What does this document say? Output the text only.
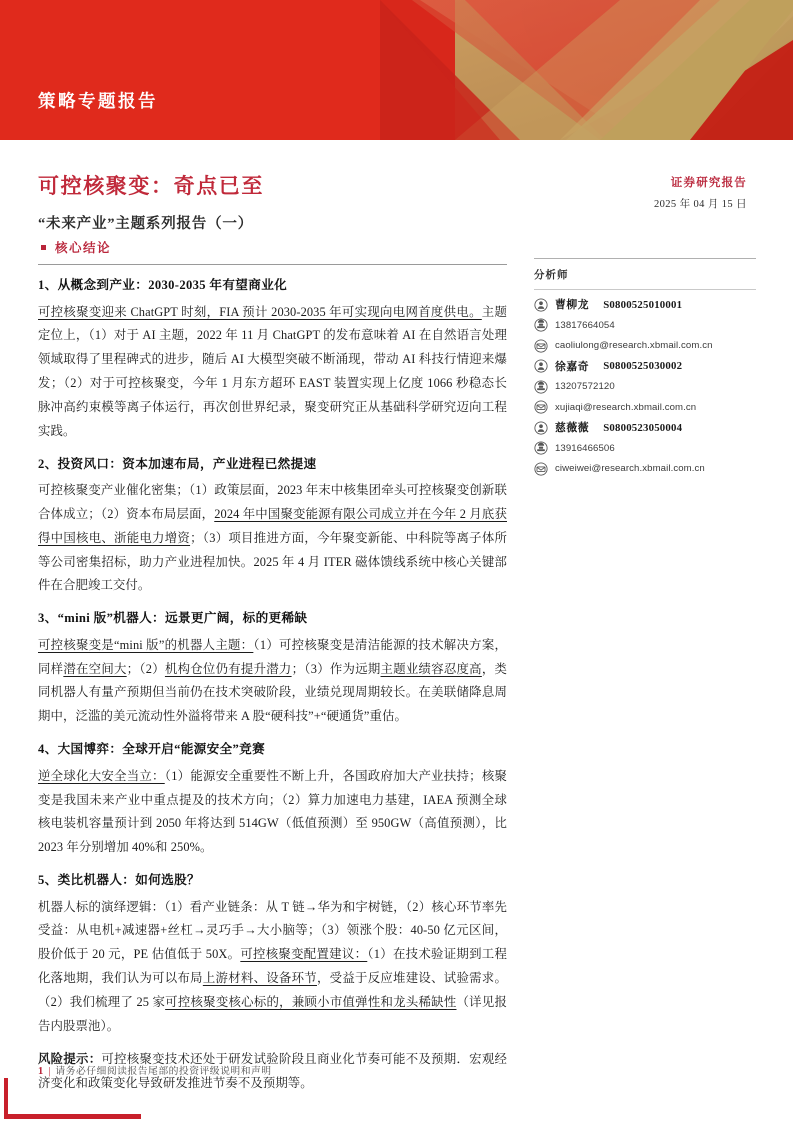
策略专题报告
可控核聚变：奇点已至
“未来产业”主题系列报告（一）
证券研究报告
2025 年 04 月 15 日
核心结论
1、从概念到产业：2030-2035 年有望商业化

可控核聚变迎来 ChatGPT 时刻，FIA 预计 2030-2035 年可实现向电网首度供电。主题定位上，（1）对于 AI 主题，2022 年 11 月 ChatGPT 的发布意味着 AI 在自然语言处理领域取得了里程碑式的进步，随后 AI 大模型突破不断涌现，带动 AI 科技行情迎来爆发；（2）对于可控核聚变，今年 1 月东方超环 EAST 装置实现上亿度 1066 秒稳态长脉冲高约束模等离子体运行，再次创世界纪录，聚变研究正从基础科学研究迈向工程实践。

2、投资风口：资本加速布局，产业进程已然提速

可控核聚变产业催化密集；（1）政策层面，2023 年末中核集团牵头可控核聚变创新联合体成立；（2）资本布局层面，2024 年中国聚变能源有限公司成立并在今年 2 月底获得中国核电、浙能电力增资；（3）项目推进方面，今年聚变新能、中科院等离子体所等公司密集招标，助力产业进程加快。2025 年 4 月 ITER 磁体馈线系统中核心关键部件在合肥竣工交付。

3、“mini 版”机器人：远景更广阔，标的更稀缺

可控核聚变是“mini 版”的机器人主题：（1）可控核聚变是清洁能源的技术解决方案，同样潜在空间大；（2）机构仓位仍有提升潜力；（3）作为远期主题业绩容忍度高，类同机器人有量产预期但当前仍在技术突破阶段，业绩兑现周期较长。在美联储降息周期中，泛滥的美元流动性外溢将带来 A 股“硬科技”+“硬通货”重估。

4、大国博弈：全球开启“能源安全”竞赛

逆全球化大安全当立：（1）能源安全重要性不断上升，各国政府加大产业扶持；核聚变是我国未来产业中重点提及的技术方向；（2）算力加速电力基建，IAEA 预测全球核电装机容量预计到 2050 年将达到 514GW（低值预测）至 950GW（高值预测），比 2023 年分别增加 40%和 250%。

5、类比机器人：如何选股？

机器人标的演绎逻辑：（1）看产业链条：从 T 链→华为和宇树链，（2）核心环节率先受益：从电机+减速器+丝杠→灵巧手→大小脑等；（3）领涨个股：40-50 亿元区间，股价低于 20 元，PE 估值低于 50X。可控核聚变配置建议：（1）在技术验证期到工程化落地期，我们认为可以布局上游材料、设备环节，受益于反应堆建设、试验需求。（2）我们梳理了 25 家可控核聚变核心标的，兼顾小市值弹性和龙头稀缺性（详见报告内股票池）。

风险提示：可控核聚变技术还处于研发试验阶段且商业化节奏可能不及预期．宏观经济变化和政策变化导致研发推进节奏不及预期等。

分析师
曹柳龙 S0800525010001
13817664054
caoliulong@research.xbmail.com.cn
徐嘉奇 S0800525030002
13207572120
xujiaqi@research.xbmail.com.cn
慈薇薇 S0800523050004
13916466506
ciweiwei@research.xbmail.com.cn
1 | 请务必仔细阅读报告尾部的投资评级说明和声明
